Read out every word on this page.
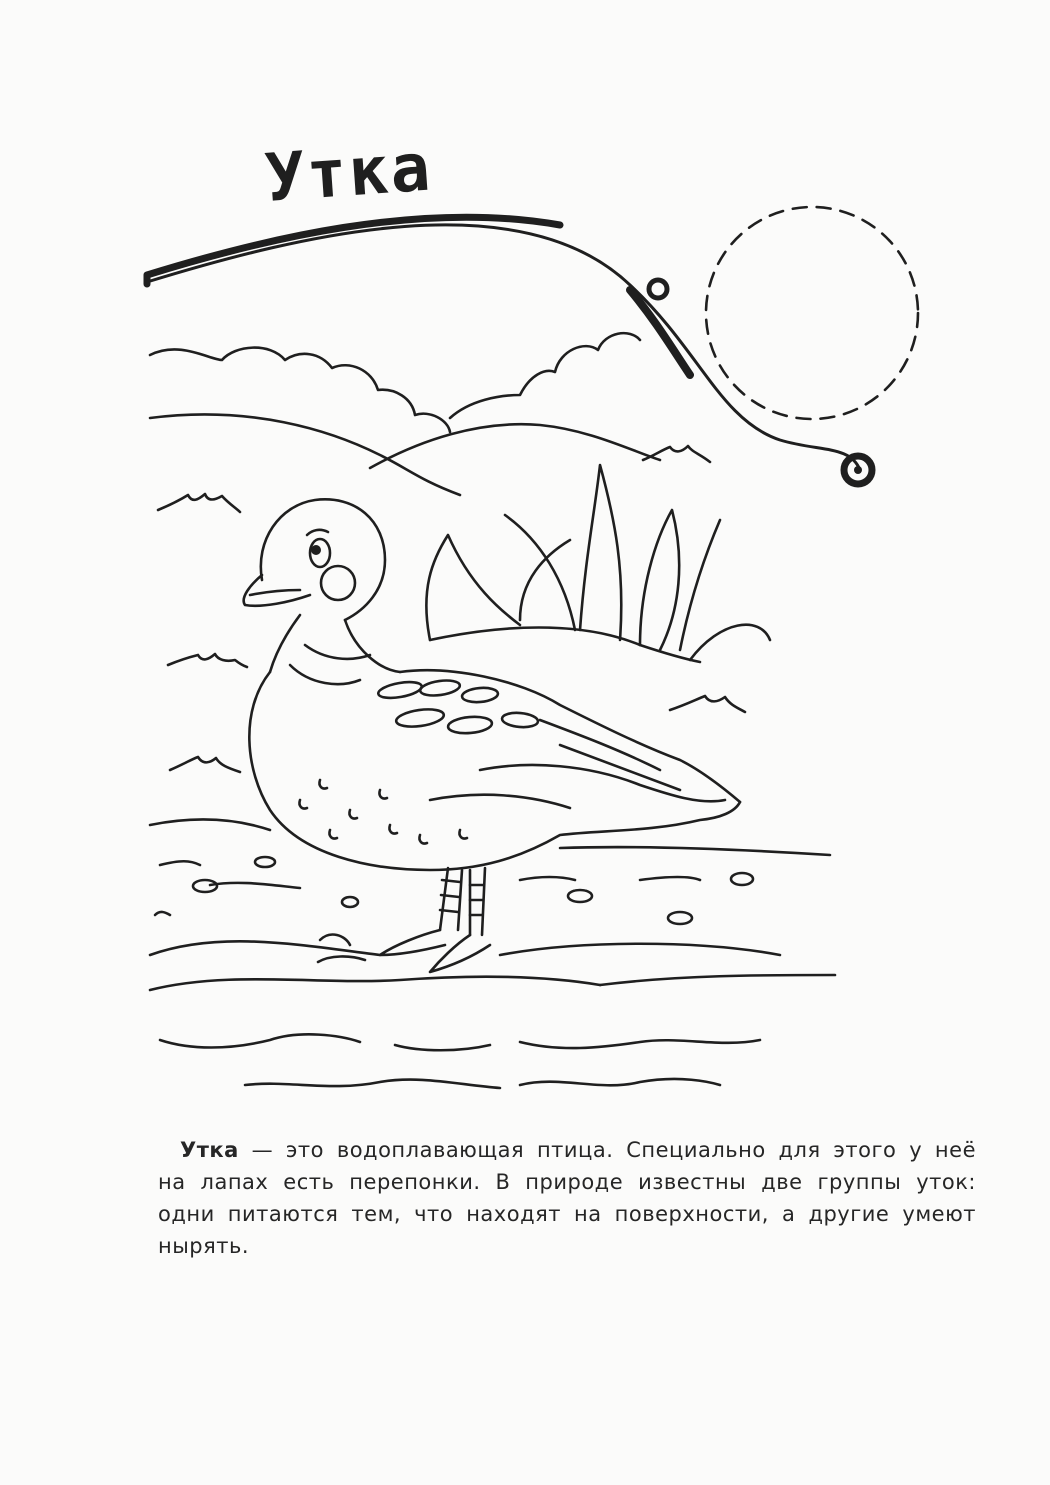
Утка
Утка — это водоплавающая птица. Специально для этого у неё на лапах есть перепонки. В природе известны две группы уток: одни питаются тем, что находят на поверхности, а другие умеют нырять.
